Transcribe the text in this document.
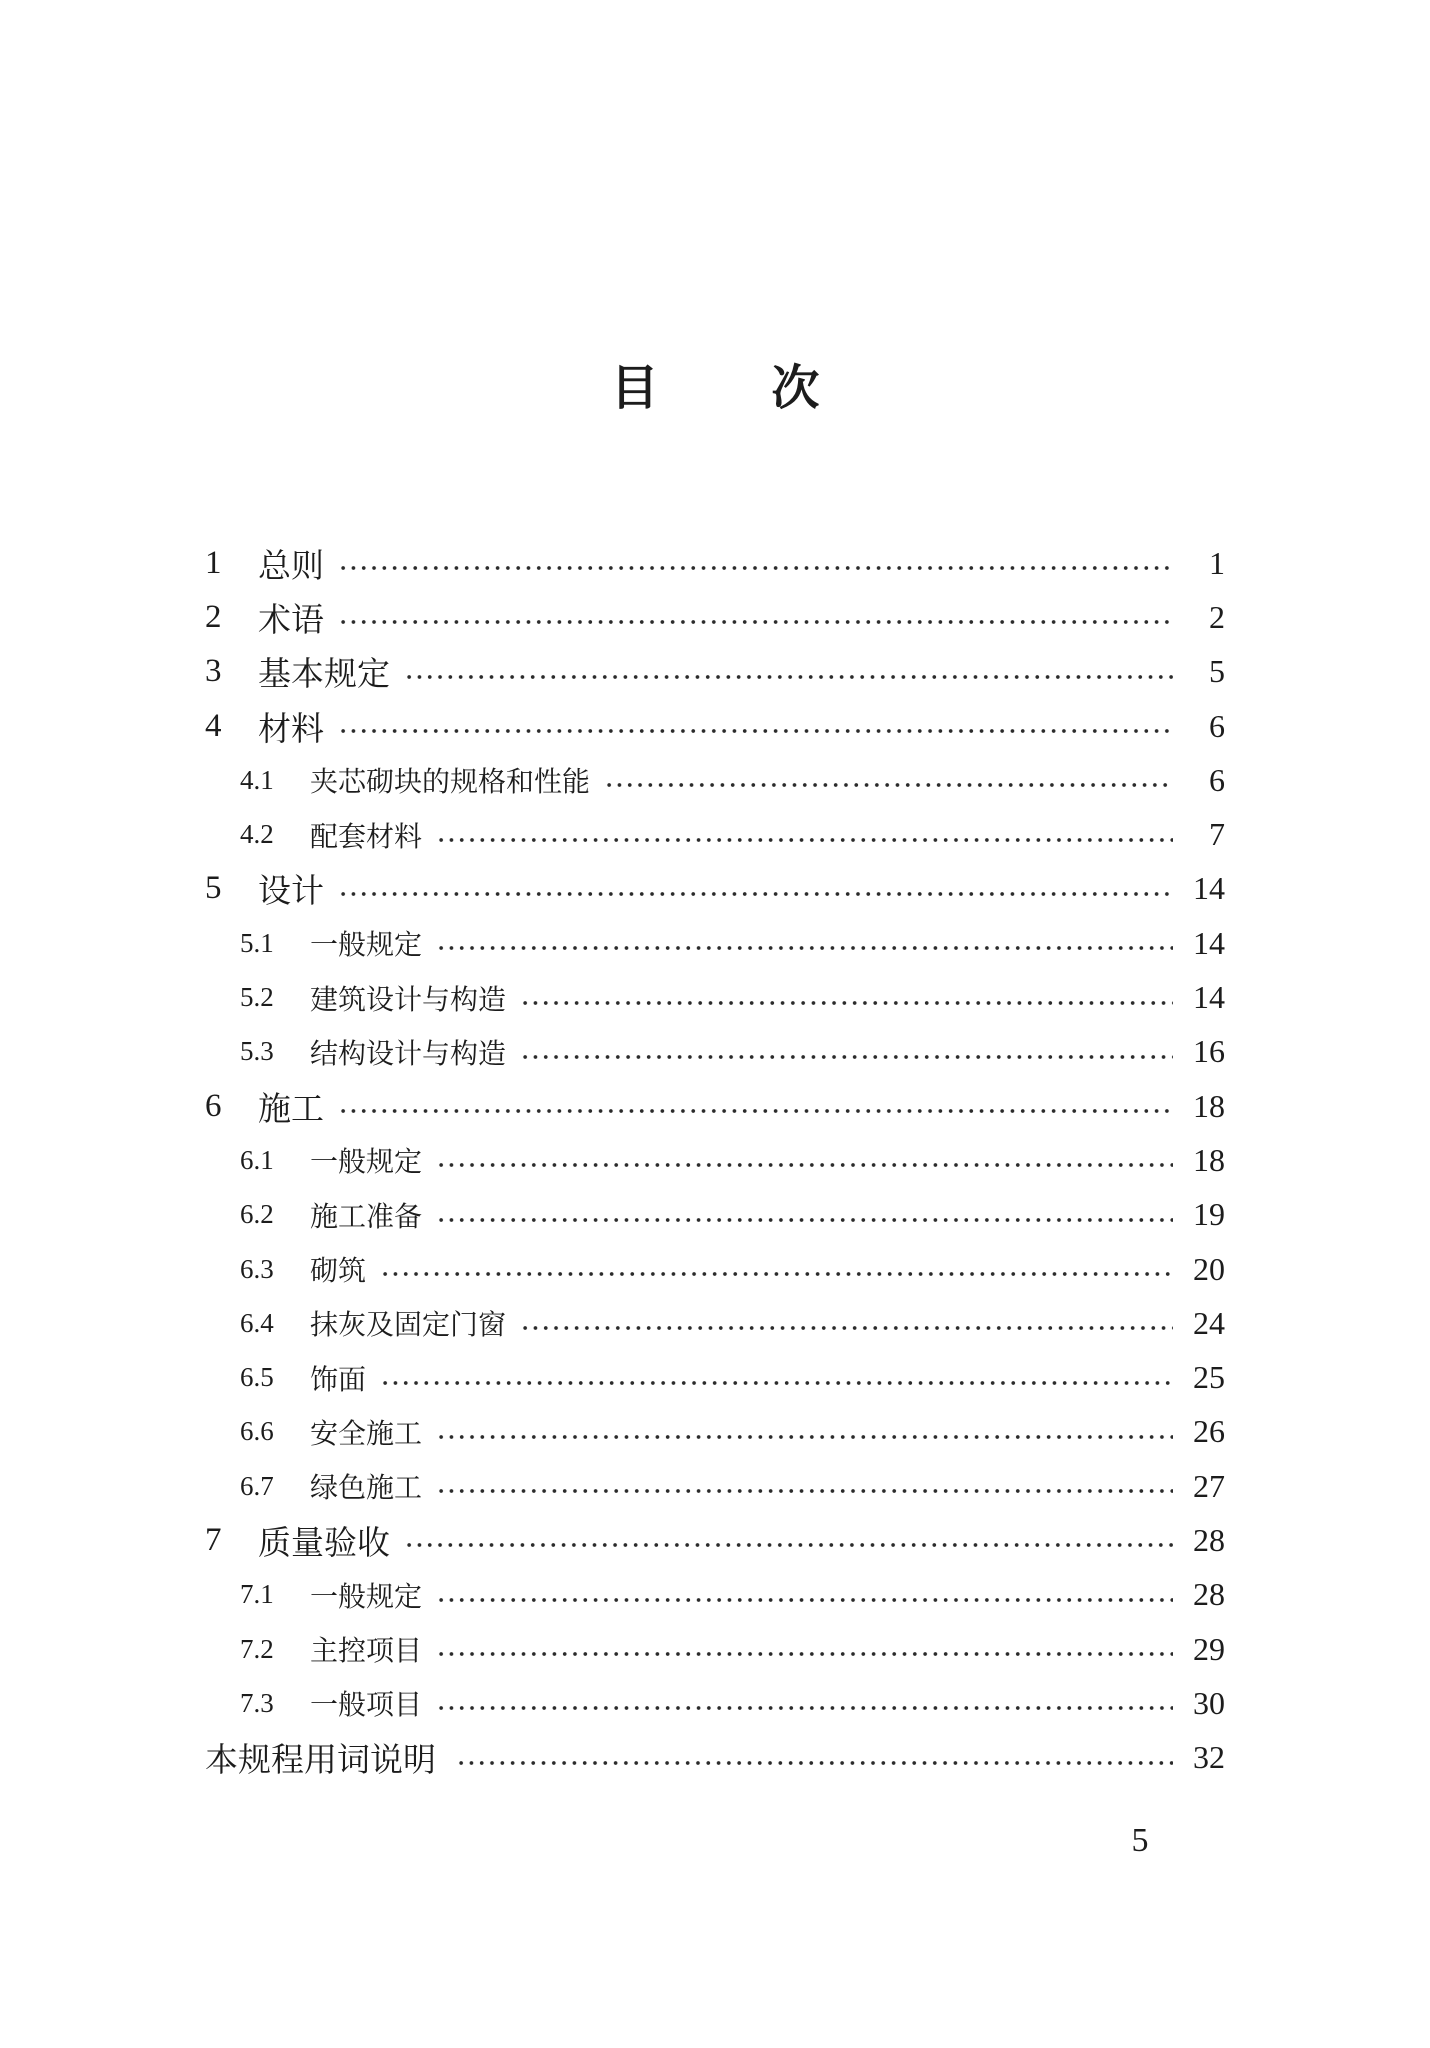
目 次
1	总则	1
2	术语	2
3	基本规定	5
4	材料	6
4.1	夹芯砌块的规格和性能	6
4.2	配套材料	7
5	设计	14
5.1	一般规定	14
5.2	建筑设计与构造	14
5.3	结构设计与构造	16
6	施工	18
6.1	一般规定	18
6.2	施工准备	19
6.3	砌筑	20
6.4	抹灰及固定门窗	24
6.5	饰面	25
6.6	安全施工	26
6.7	绿色施工	27
7	质量验收	28
7.1	一般规定	28
7.2	主控项目	29
7.3	一般项目	30
本规程用词说明	32
5
